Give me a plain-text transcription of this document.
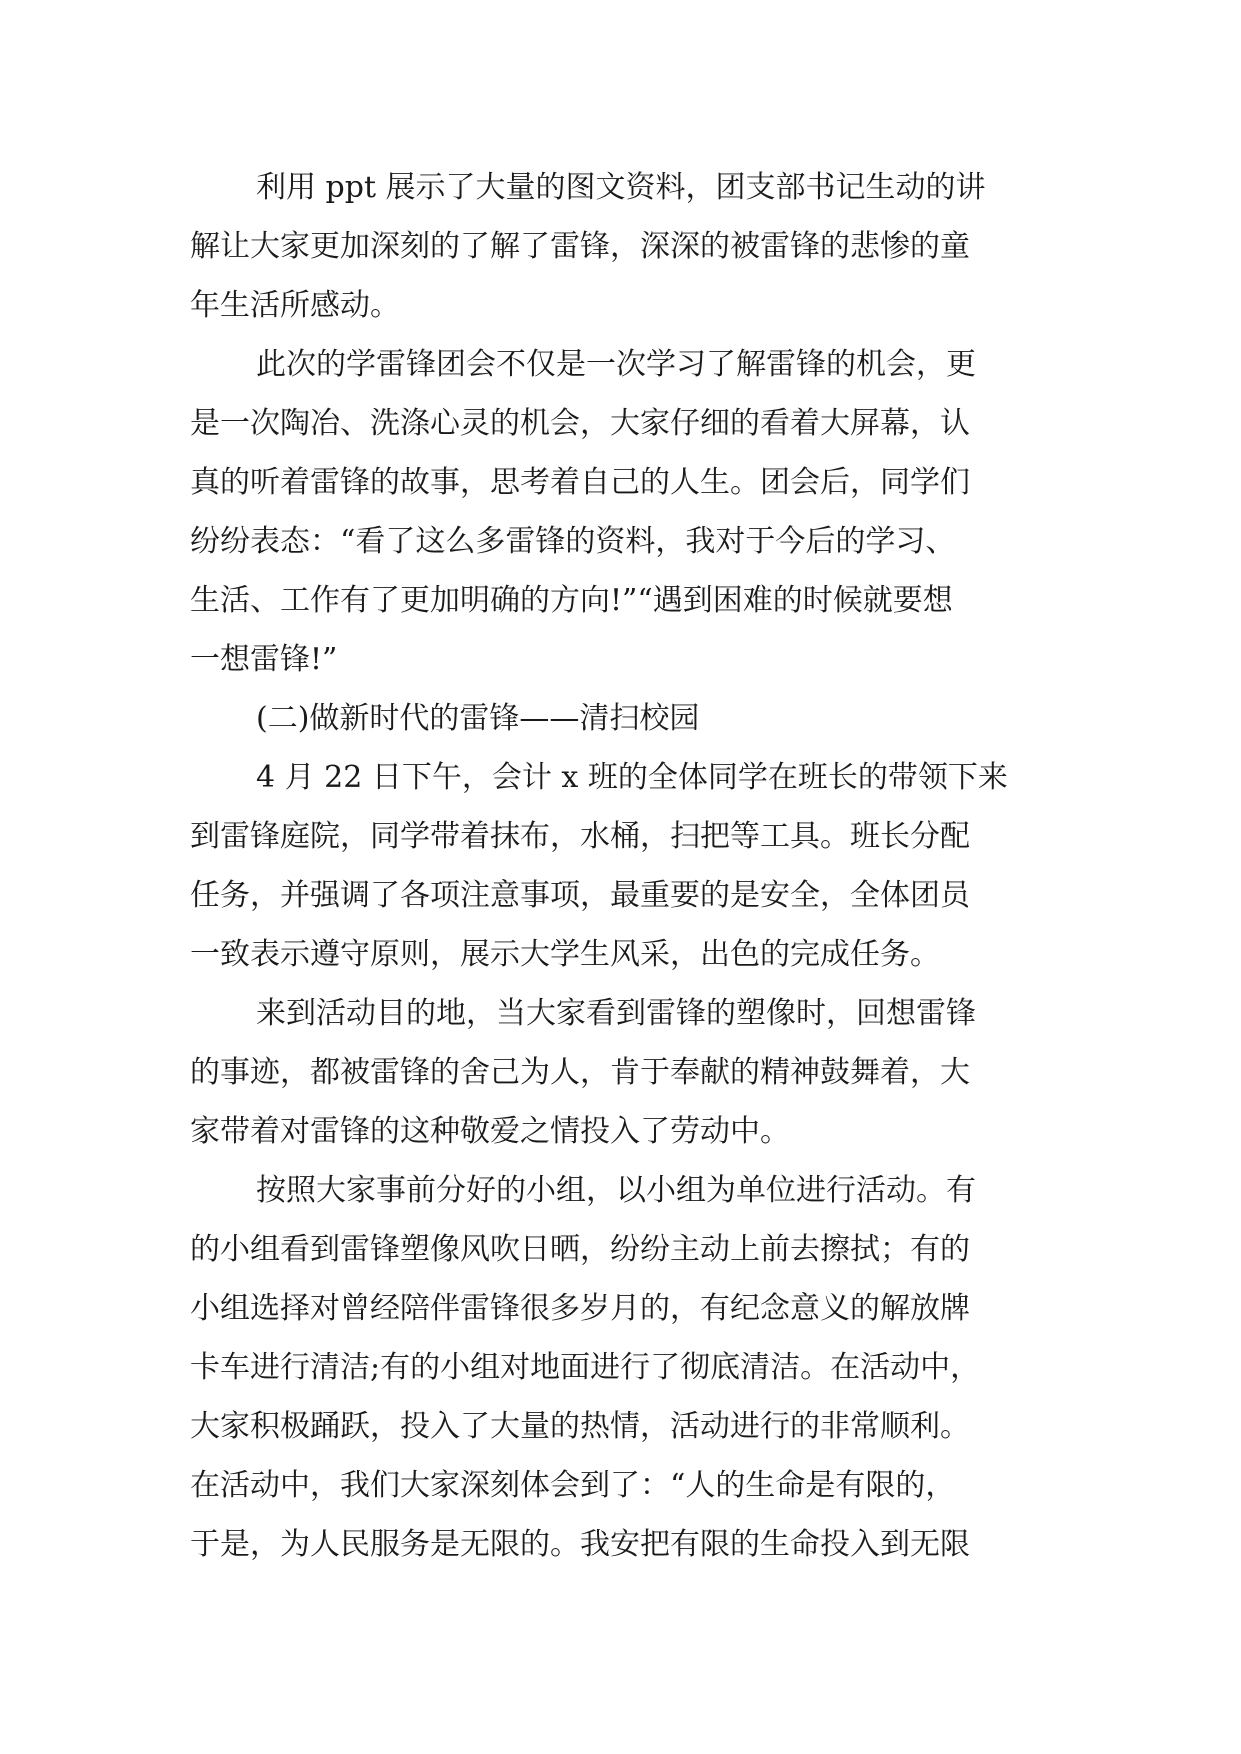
利用 ppt 展示了大量的图文资料，团支部书记生动的讲
解让大家更加深刻的了解了雷锋，深深的被雷锋的悲惨的童
年生活所感动。
此次的学雷锋团会不仅是一次学习了解雷锋的机会，更
是一次陶冶、洗涤心灵的机会，大家仔细的看着大屏幕，认
真的听着雷锋的故事，思考着自己的人生。团会后，同学们
纷纷表态：“看了这么多雷锋的资料，我对于今后的学习、
生活、工作有了更加明确的方向!”“遇到困难的时候就要想
一想雷锋!”
(二)做新时代的雷锋——清扫校园
4 月 22 日下午，会计 x 班的全体同学在班长的带领下来
到雷锋庭院，同学带着抹布，水桶，扫把等工具。班长分配
任务，并强调了各项注意事项，最重要的是安全，全体团员
一致表示遵守原则，展示大学生风采，出色的完成任务。
来到活动目的地，当大家看到雷锋的塑像时，回想雷锋
的事迹，都被雷锋的舍己为人，肯于奉献的精神鼓舞着，大
家带着对雷锋的这种敬爱之情投入了劳动中。
按照大家事前分好的小组，以小组为单位进行活动。有
的小组看到雷锋塑像风吹日晒，纷纷主动上前去擦拭；有的
小组选择对曾经陪伴雷锋很多岁月的，有纪念意义的解放牌
卡车进行清洁;有的小组对地面进行了彻底清洁。在活动中，
大家积极踊跃，投入了大量的热情，活动进行的非常顺利。
在活动中，我们大家深刻体会到了：“人的生命是有限的，
于是，为人民服务是无限的。我安把有限的生命投入到无限
